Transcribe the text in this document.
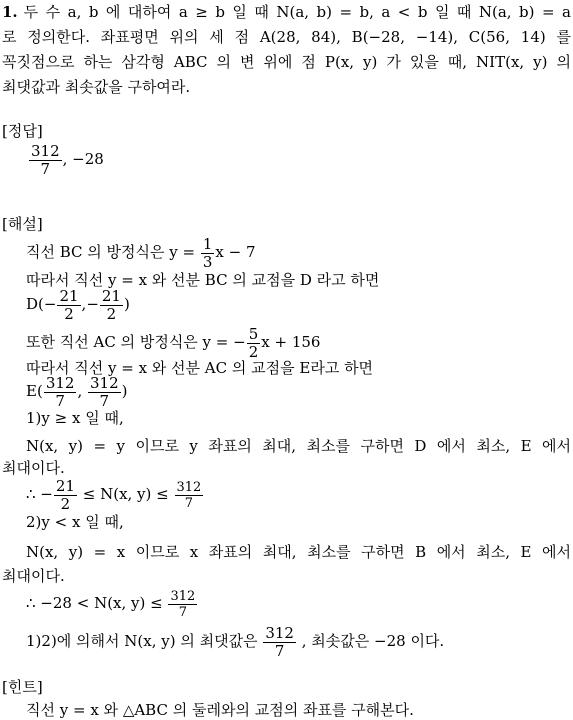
1. 두 수 a, b 에 대하여 a ≥ b 일 때 N(a, b) = b, a < b 일 때 N(a, b) = a
로 정의한다. 좌표평면 위의 세 점 A(28, 84), B(−28, −14), C(56, 14) 를
꼭짓점으로 하는 삼각형 ABC 의 변 위에 점 P(x, y) 가 있을 때, NIT(x, y) 의
최댓값과 최솟값을 구하여라.
[정답]
$\frac{312}{7}$ , −28
[해설]
직선 BC 의 방정식은 $y = \frac{1}{3}$ x − 7
따라서 직선 y = x 와 선분 BC 의 교점을 D 라고 하면
$D(- \frac{21}{2}$ ,− $\frac{21}{2}$ )
또한 직선 AC 의 방정식은 y = − $\frac{5}{2}$ x + 156
따라서 직선 y = x 와 선분 AC 의 교점을 E라고 하면
$E( \frac{312}{7}$ , $\frac{312}{7}$ )
1)y ≥ x 일 때,
N(x, y) = y 이므로 y 좌표의 최대, 최소를 구하면 D 에서 최소, E 에서
최대이다.
∴ − $\frac{21}{2} \le N(x$, $y) \le \frac{312}{7}$
2)y < x 일 때,
N(x, y) = x 이므로 x 좌표의 최대, 최소를 구하면 B 에서 최소, E 에서
최대이다.
∴ −28 < N(x, $y) \le \frac{312}{7}$
1)2)에 의해서 N(x, y) 의 최댓값은 $\frac{312}{7}$ , 최솟값은 −28 이다.
[힌트]
직선 y = x 와 △ABC 의 둘레와의 교점의 좌표를 구해본다.
